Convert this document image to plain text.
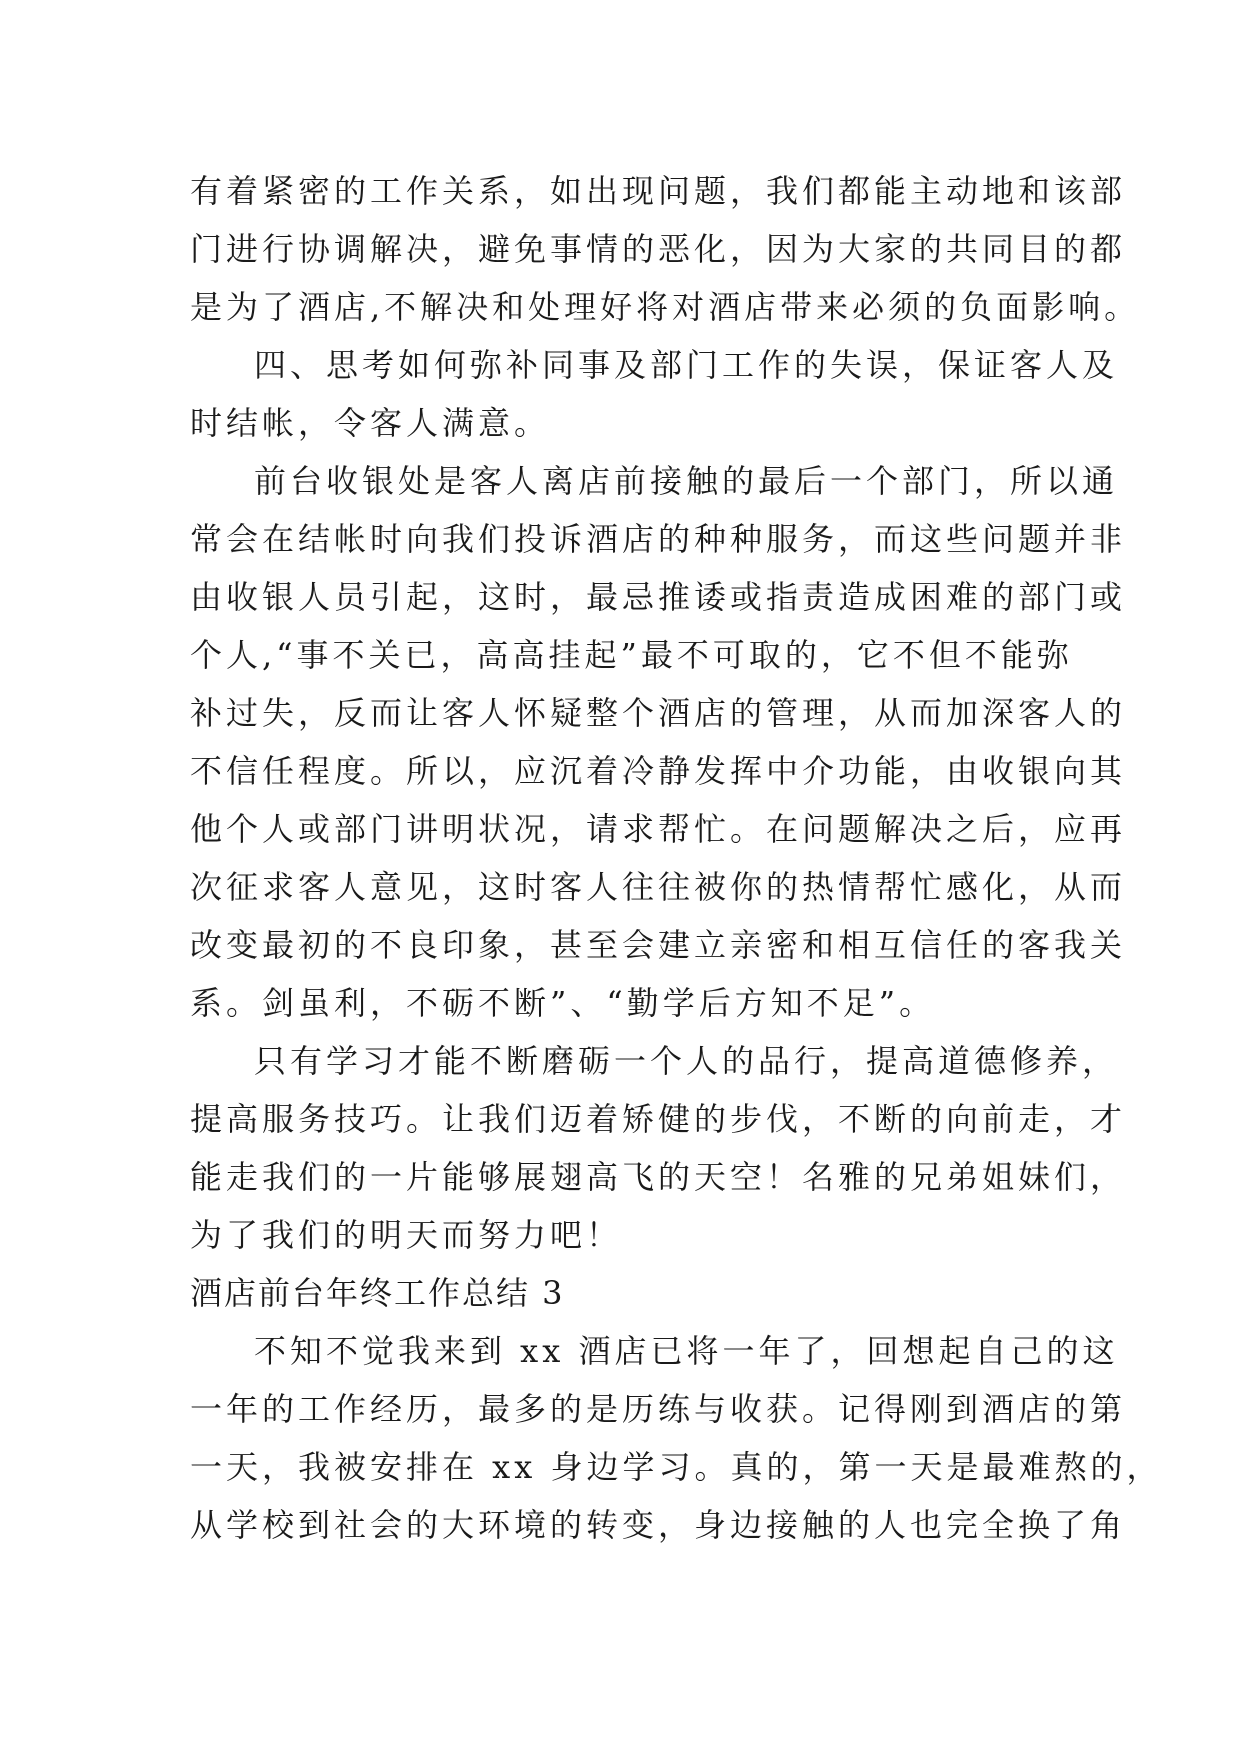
有着紧密的工作关系，如出现问题，我们都能主动地和该部
门进行协调解决，避免事情的恶化，因为大家的共同目的都
是为了酒店,不解决和处理好将对酒店带来必须的负面影响。
四、思考如何弥补同事及部门工作的失误，保证客人及
时结帐，令客人满意。
前台收银处是客人离店前接触的最后一个部门，所以通
常会在结帐时向我们投诉酒店的种种服务，而这些问题并非
由收银人员引起，这时，最忌推诿或指责造成困难的部门或
个人,“事不关已，高高挂起”最不可取的，它不但不能弥
补过失，反而让客人怀疑整个酒店的管理，从而加深客人的
不信任程度。所以，应沉着冷静发挥中介功能，由收银向其
他个人或部门讲明状况，请求帮忙。在问题解决之后，应再
次征求客人意见，这时客人往往被你的热情帮忙感化，从而
改变最初的不良印象，甚至会建立亲密和相互信任的客我关
系。剑虽利，不砺不断”、“勤学后方知不足”。
只有学习才能不断磨砺一个人的品行，提高道德修养，
提高服务技巧。让我们迈着矫健的步伐，不断的向前走，才
能走我们的一片能够展翅高飞的天空！名雅的兄弟姐妹们，
为了我们的明天而努力吧！
酒店前台年终工作总结 3
不知不觉我来到 xx 酒店已将一年了，回想起自己的这
一年的工作经历，最多的是历练与收获。记得刚到酒店的第
一天，我被安排在 xx 身边学习。真的，第一天是最难熬的，
从学校到社会的大环境的转变，身边接触的人也完全换了角
